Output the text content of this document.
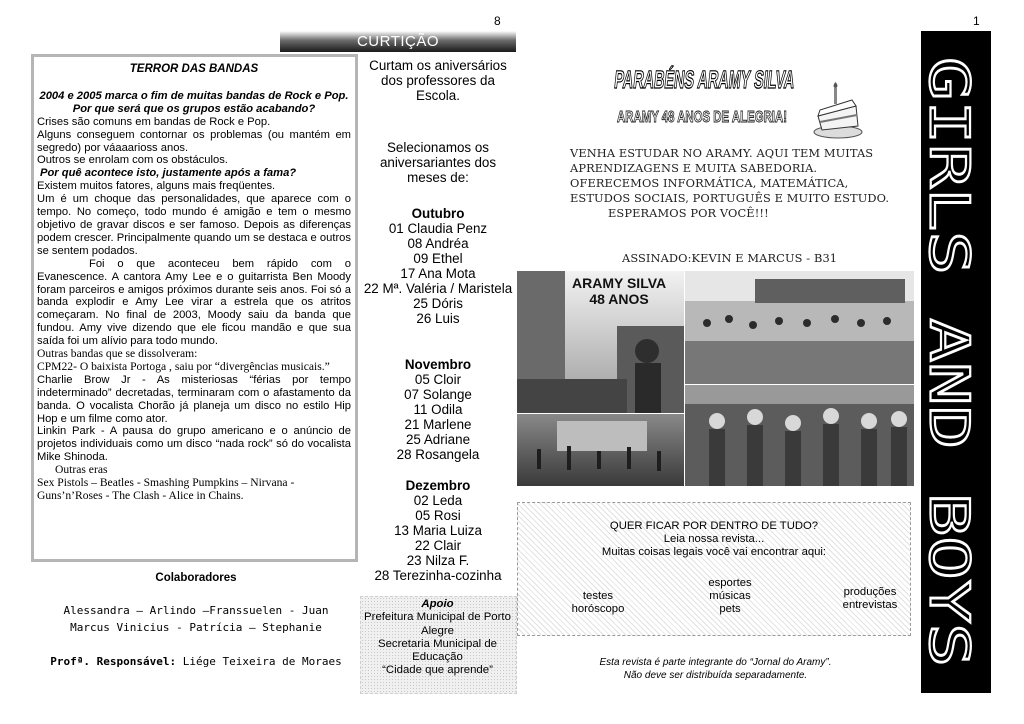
8	1
TERROR DAS BANDAS
2004 e 2005 marca o fim de muitas bandas de Rock e Pop.
Por que será que os grupos estão acabando?
Crises são comuns em bandas de Rock e Pop.
Alguns conseguem contornar os problemas (ou mantém em segredo) por váaaarioss anos.
Outros se enrolam com os obstáculos.
Por quê acontece isto, justamente após a fama?
Existem muitos fatores, alguns mais freqüentes.
Um é um choque das personalidades, que aparece com o tempo. No começo, todo mundo é amigão e tem o mesmo objetivo de gravar discos e ser famoso. Depois as diferenças podem crescer. Principalmente quando um se destaca e outros se sentem podados.
Foi o que aconteceu bem rápido com o Evanescence. A cantora Amy Lee e o guitarrista Ben Moody foram parceiros e amigos próximos durante seis anos. Foi só a banda explodir e Amy Lee virar a estrela que os atritos começaram. No final de 2003, Moody saiu da banda que fundou. Amy vive dizendo que ele ficou mandão e que sua saída foi um alívio para todo mundo.
Outras bandas que se dissolveram:
CPM22- O baixista Portoga , saiu por “divergências musicais.”
Charlie Brow Jr - As misteriosas “férias por tempo indeterminado” decretadas, terminaram com o afastamento da banda. O vocalista Chorão já planeja um disco no estilo Hip Hop e um filme como ator.
Linkin Park - A pausa do grupo americano e o anúncio de projetos individuais como um disco “nada rock” só do vocalista Mike Shinoda.
Outras eras
Sex Pistols – Beatles - Smashing Pumpkins – Nirvana - Guns’n’Roses - The Clash - Alice in Chains.
Colaboradores
Alessandra – Arlindo –Franssuelen - Juan
Marcus Vinicius - Patrícia – Stephanie
Profª. Responsável: Liége Teixeira de Moraes
CURTIÇÃO
Curtam os aniversários dos professores da Escola.
Selecionamos os aniversariantes dos meses de:
Outubro
01 Claudia Penz
08 Andréa
09 Ethel
17 Ana Mota
22 Mª. Valéria / Maristela
25 Dóris
26 Luis
Novembro
05 Cloir
07 Solange
11 Odila
21 Marlene
25 Adriane
28 Rosangela
Dezembro
02 Leda
05 Rosi
13 Maria Luiza
22 Clair
23 Nilza F.
28 Terezinha-cozinha
Apoio
Prefeitura Municipal de Porto Alegre
Secretaria Municipal de Educação
“Cidade que aprende”
PARABÉNS ARAMY SILVA
ARAMY 48 ANOS DE ALEGRIA!
VENHA ESTUDAR NO ARAMY. AQUI TEM MUITAS
APRENDIZAGENS E MUITA SABEDORIA.
OFERECEMOS INFORMÁTICA, MATEMÁTICA,
ESTUDOS SOCIAIS, PORTUGUÊS E MUITO ESTUDO.
ESPERAMOS POR VOCÊ!!!
ASSINADO:KEVIN E MARCUS - B31
ARAMY SILVA
48 ANOS
QUER FICAR POR DENTRO DE TUDO?
Leia nossa revista...
Muitas coisas legais você vai encontrar aqui:
testes
horóscopo
esportes
músicas
pets
produções
entrevistas
Esta revista é parte integrante do “Jornal do Aramy”.
Não deve ser distribuída separadamente.
GIRLS AND BOYS
